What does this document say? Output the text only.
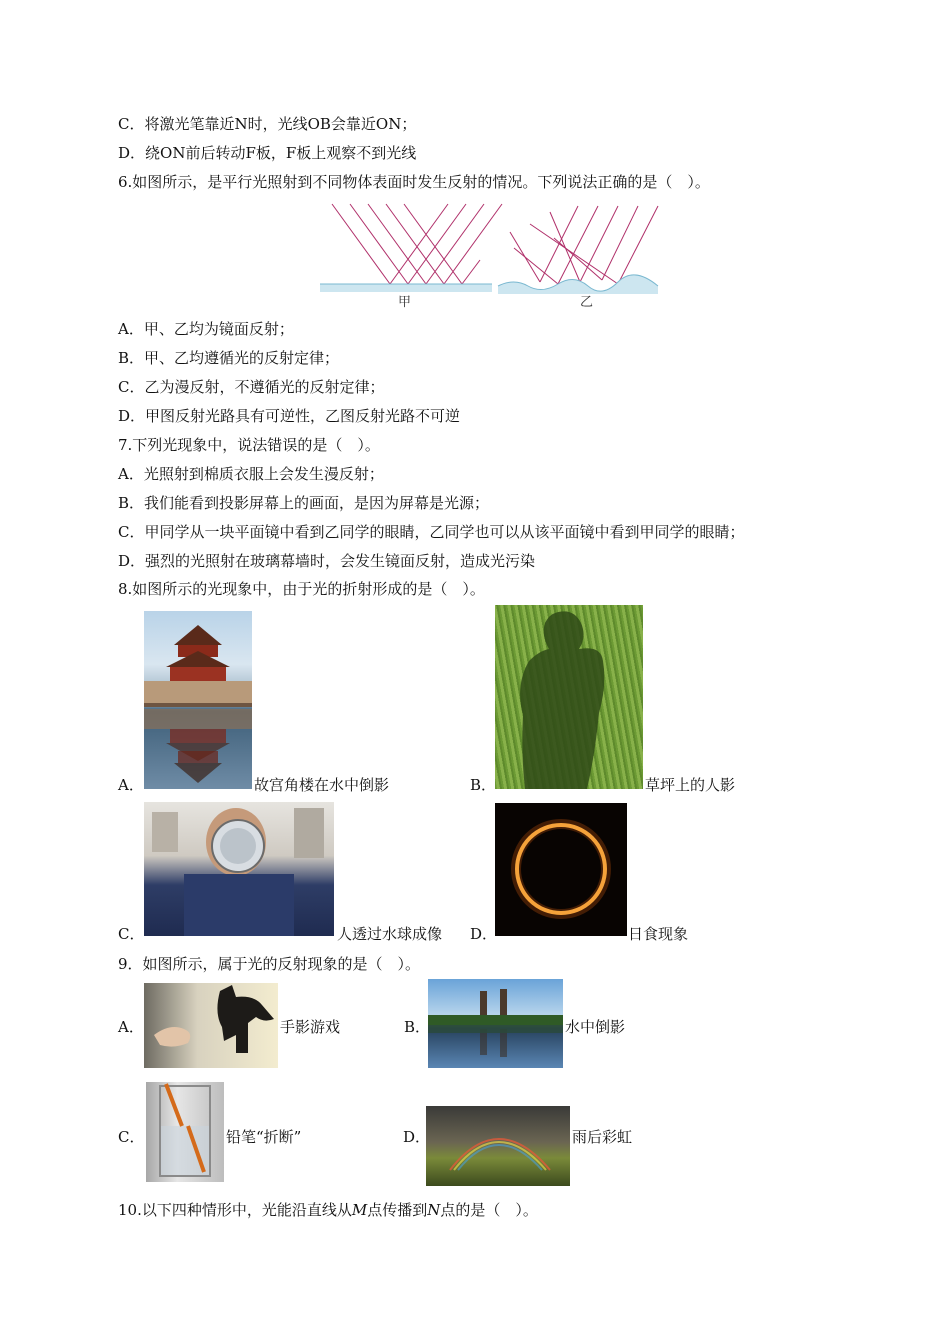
C．将激光笔靠近N时，光线OB会靠近ON；
D．绕ON前后转动F板，F板上观察不到光线
6.如图所示，是平行光照射到不同物体表面时发生反射的情况。下列说法正确的是（　）。
甲	乙
A．甲、乙均为镜面反射；
B．甲、乙均遵循光的反射定律；
C．乙为漫反射，不遵循光的反射定律；
D．甲图反射光路具有可逆性，乙图反射光路不可逆
7.下列光现象中，说法错误的是（　）。
A．光照射到棉质衣服上会发生漫反射；
B．我们能看到投影屏幕上的画面，是因为屏幕是光源；
C．甲同学从一块平面镜中看到乙同学的眼睛，乙同学也可以从该平面镜中看到甲同学的眼睛；
D．强烈的光照射在玻璃幕墙时，会发生镜面反射，造成光污染
8.如图所示的光现象中，由于光的折射形成的是（　）。
A．	故宫角楼在水中倒影	B．	草坪上的人影
C．	人透过水球成像 D．	日食现象
9．如图所示，属于光的反射现象的是（　）。
A．	手影游戏	B．	水中倒影
C．	铅笔“折断”	D．	雨后彩虹
10.以下四种情形中，光能沿直线从M点传播到N点的是（　）。
